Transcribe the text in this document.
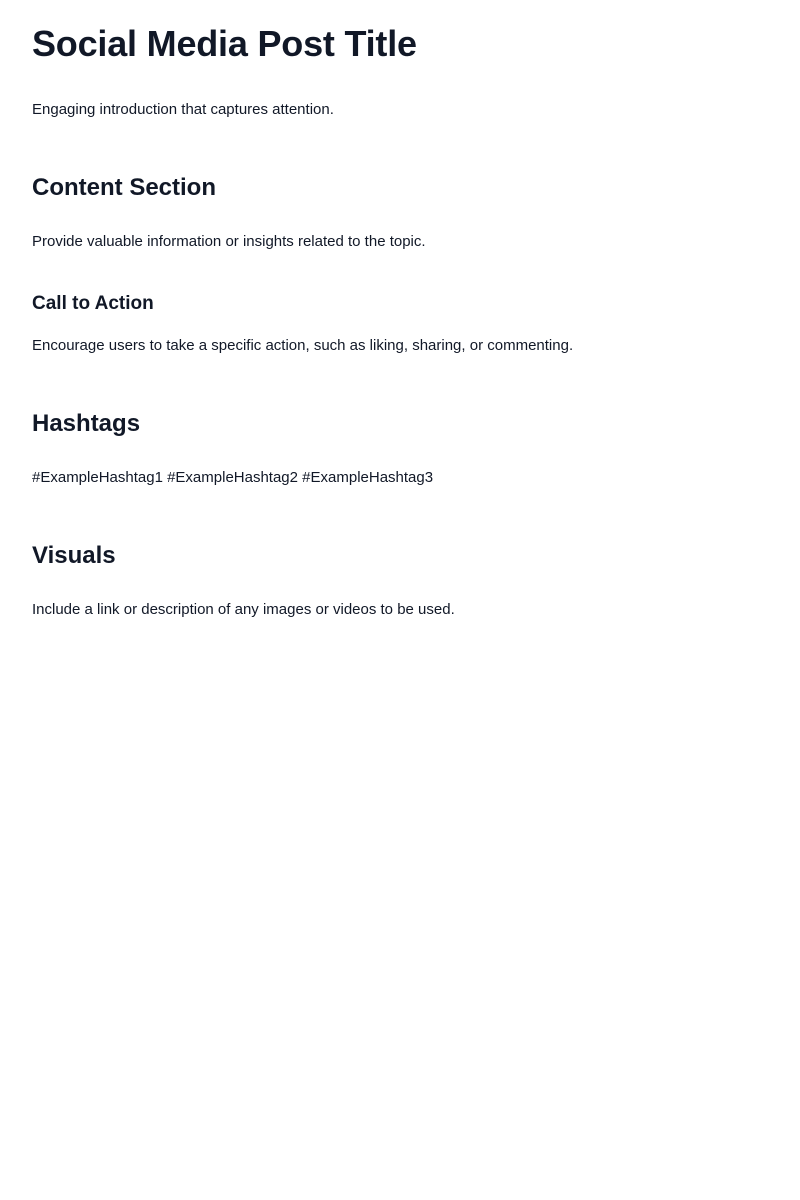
Social Media Post Title

Engaging introduction that captures attention.

Content Section

Provide valuable information or insights related to the topic.

Call to Action

Encourage users to take a specific action, such as liking, sharing, or commenting.

Hashtags

#ExampleHashtag1 #ExampleHashtag2 #ExampleHashtag3

Visuals

Include a link or description of any images or videos to be used.
